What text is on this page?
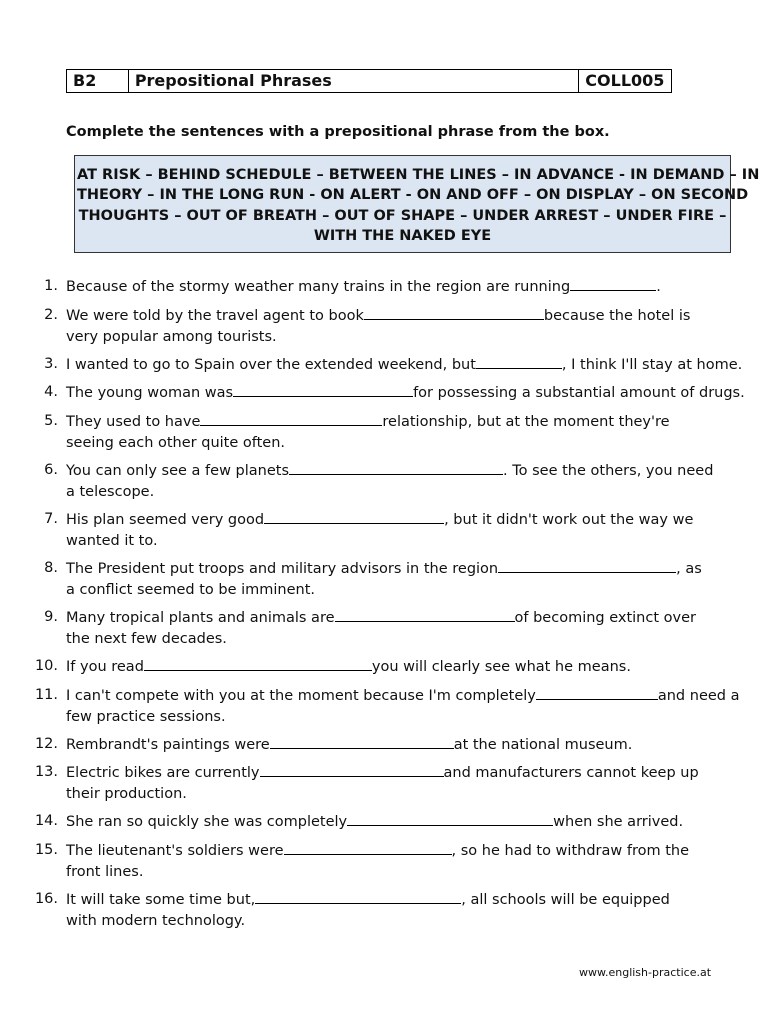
B2	Prepositional Phrases	COLL005
Complete the sentences with a prepositional phrase from the box.
AT RISK – BEHIND SCHEDULE – BETWEEN THE LINES – IN ADVANCE - IN DEMAND – IN
THEORY – IN THE LONG RUN - ON ALERT - ON AND OFF – ON DISPLAY – ON SECOND
THOUGHTS – OUT OF BREATH – OUT OF SHAPE – UNDER ARREST – UNDER FIRE –
WITH THE NAKED EYE
1. Because of the stormy weather many trains in the region are running	.
2. We were told by the travel agent to book	because the hotel is
very popular among tourists.
3. I wanted to go to Spain over the extended weekend, but	, I think I'll stay at home.
4. The young woman was	for possessing a substantial amount of drugs.
5. They used to have	relationship, but at the moment they're
seeing each other quite often.
6. You can only see a few planets	. To see the others, you need
a telescope.
7. His plan seemed very good	, but it didn't work out the way we
wanted it to.
8. The President put troops and military advisors in the region	, as
a conflict seemed to be imminent.
9. Many tropical plants and animals are	of becoming extinct over
the next few decades.
10. If you read	you will clearly see what he means.
11. I can't compete with you at the moment because I'm completely	and need a
few practice sessions.
12. Rembrandt's paintings were	at the national museum.
13. Electric bikes are currently	and manufacturers cannot keep up
their production.
14. She ran so quickly she was completely	when she arrived.
15. The lieutenant's soldiers were	, so he had to withdraw from the
front lines.
16. It will take some time but,	, all schools will be equipped
with modern technology.
www.english-practice.at
